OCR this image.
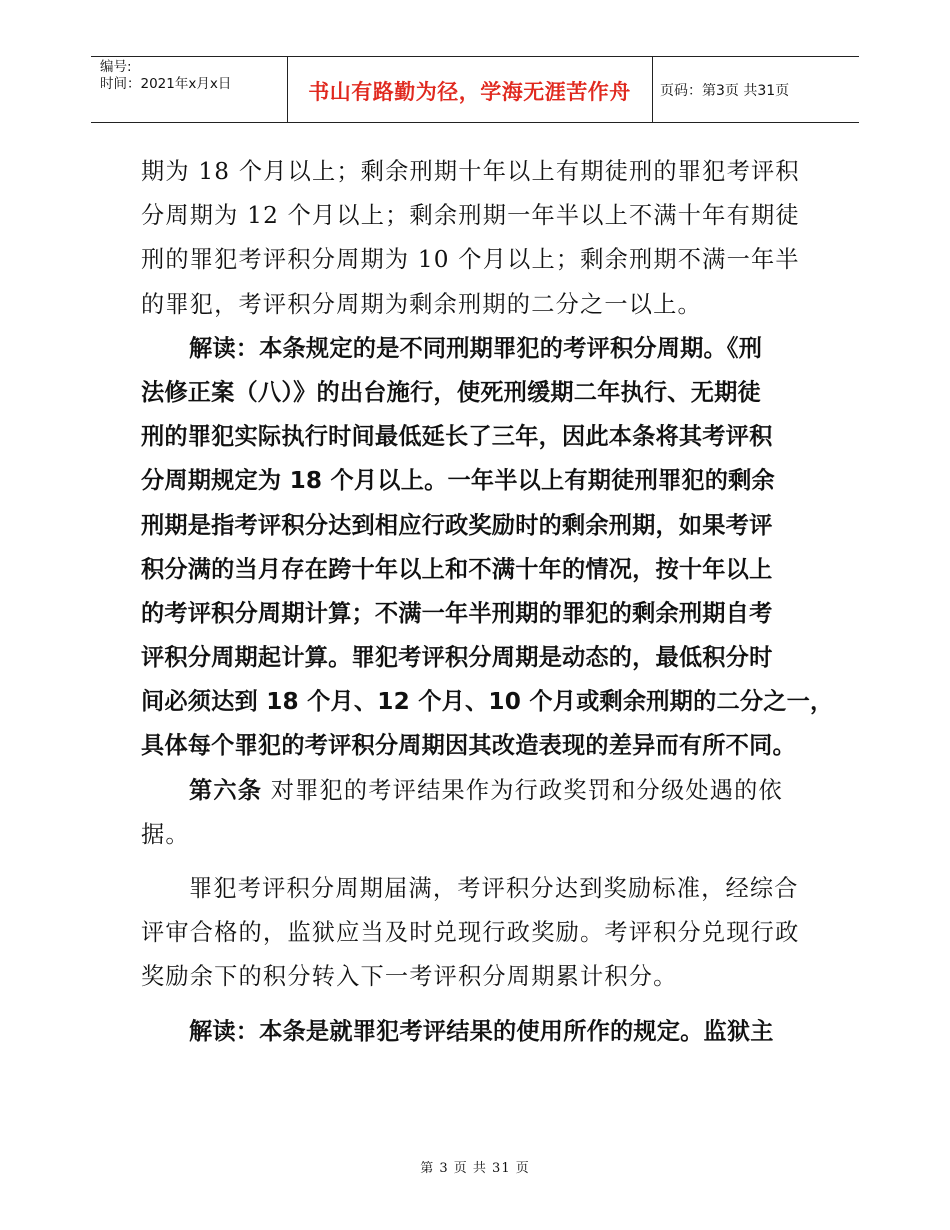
编号:
时间：2021年x月x日	书山有路勤为径，学海无涯苦作舟	页码：第3页 共31页
期为 18 个月以上；剩余刑期十年以上有期徒刑的罪犯考评积
分周期为 12 个月以上；剩余刑期一年半以上不满十年有期徒
刑的罪犯考评积分周期为 10 个月以上；剩余刑期不满一年半
的罪犯，考评积分周期为剩余刑期的二分之一以上。
解读：本条规定的是不同刑期罪犯的考评积分周期。《刑
法修正案（八）》的出台施行，使死刑缓期二年执行、无期徒
刑的罪犯实际执行时间最低延长了三年，因此本条将其考评积
分周期规定为 18 个月以上。一年半以上有期徒刑罪犯的剩余
刑期是指考评积分达到相应行政奖励时的剩余刑期，如果考评
积分满的当月存在跨十年以上和不满十年的情况，按十年以上
的考评积分周期计算；不满一年半刑期的罪犯的剩余刑期自考
评积分周期起计算。罪犯考评积分周期是动态的，最低积分时
间必须达到 18 个月、12 个月、10 个月或剩余刑期的二分之一，
具体每个罪犯的考评积分周期因其改造表现的差异而有所不同。
第六条 对罪犯的考评结果作为行政奖罚和分级处遇的依
据。
罪犯考评积分周期届满，考评积分达到奖励标准，经综合
评审合格的，监狱应当及时兑现行政奖励。考评积分兑现行政
奖励余下的积分转入下一考评积分周期累计积分。
解读：本条是就罪犯考评结果的使用所作的规定。监狱主
第 3 页 共 31 页
